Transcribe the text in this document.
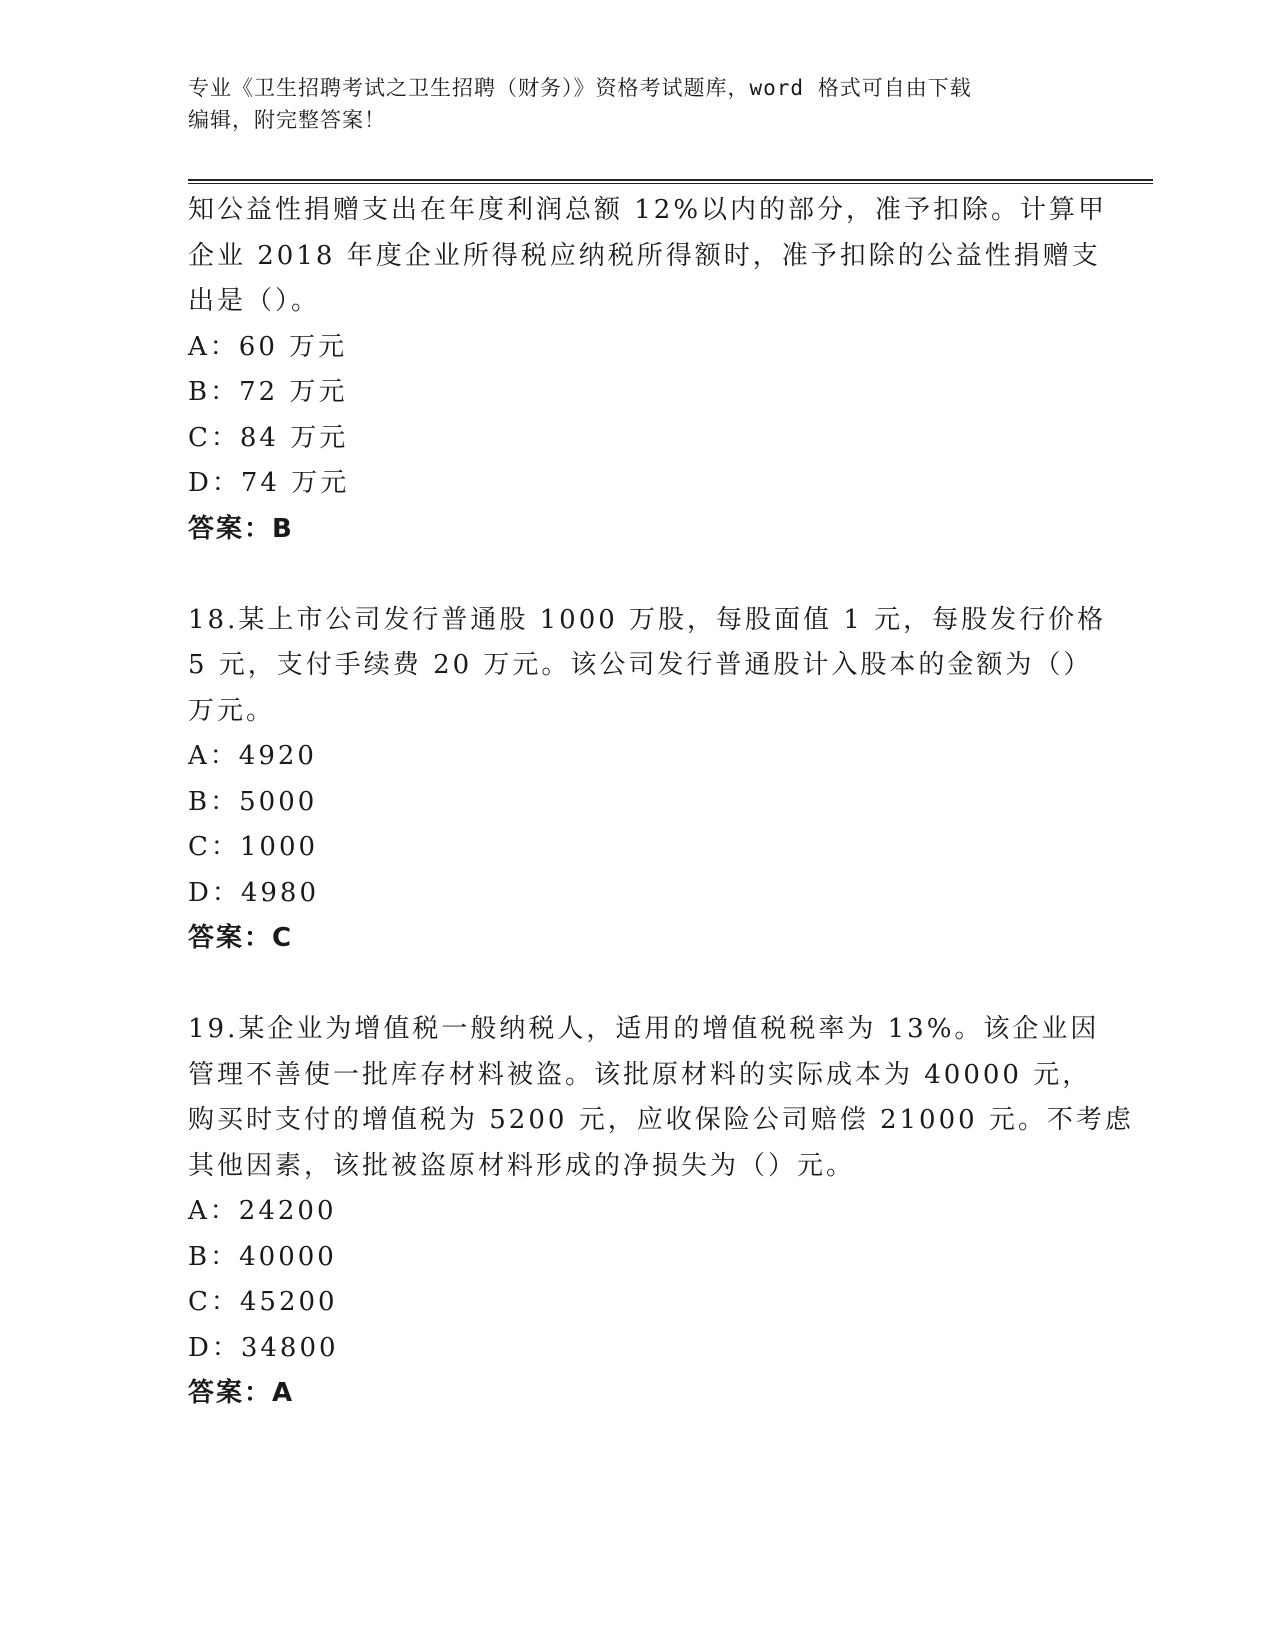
专业《卫生招聘考试之卫生招聘（财务）》资格考试题库，word 格式可自由下载
编辑，附完整答案！

知公益性捐赠支出在年度利润总额 12%以内的部分，准予扣除。计算甲

企业 2018 年度企业所得税应纳税所得额时，准予扣除的公益性捐赠支

出是（）。

A：60 万元

B：72 万元

C：84 万元

D：74 万元

答案：B

18.某上市公司发行普通股 1000 万股，每股面值 1 元，每股发行价格

5 元，支付手续费 20 万元。该公司发行普通股计入股本的金额为（）

万元。

A：4920

B：5000

C：1000

D：4980

答案：C

19.某企业为增值税一般纳税人，适用的增值税税率为 13%。该企业因

管理不善使一批库存材料被盗。该批原材料的实际成本为 40000 元，

购买时支付的增值税为 5200 元，应收保险公司赔偿 21000 元。不考虑

其他因素，该批被盗原材料形成的净损失为（）元。

A：24200

B：40000

C：45200

D：34800

答案：A
